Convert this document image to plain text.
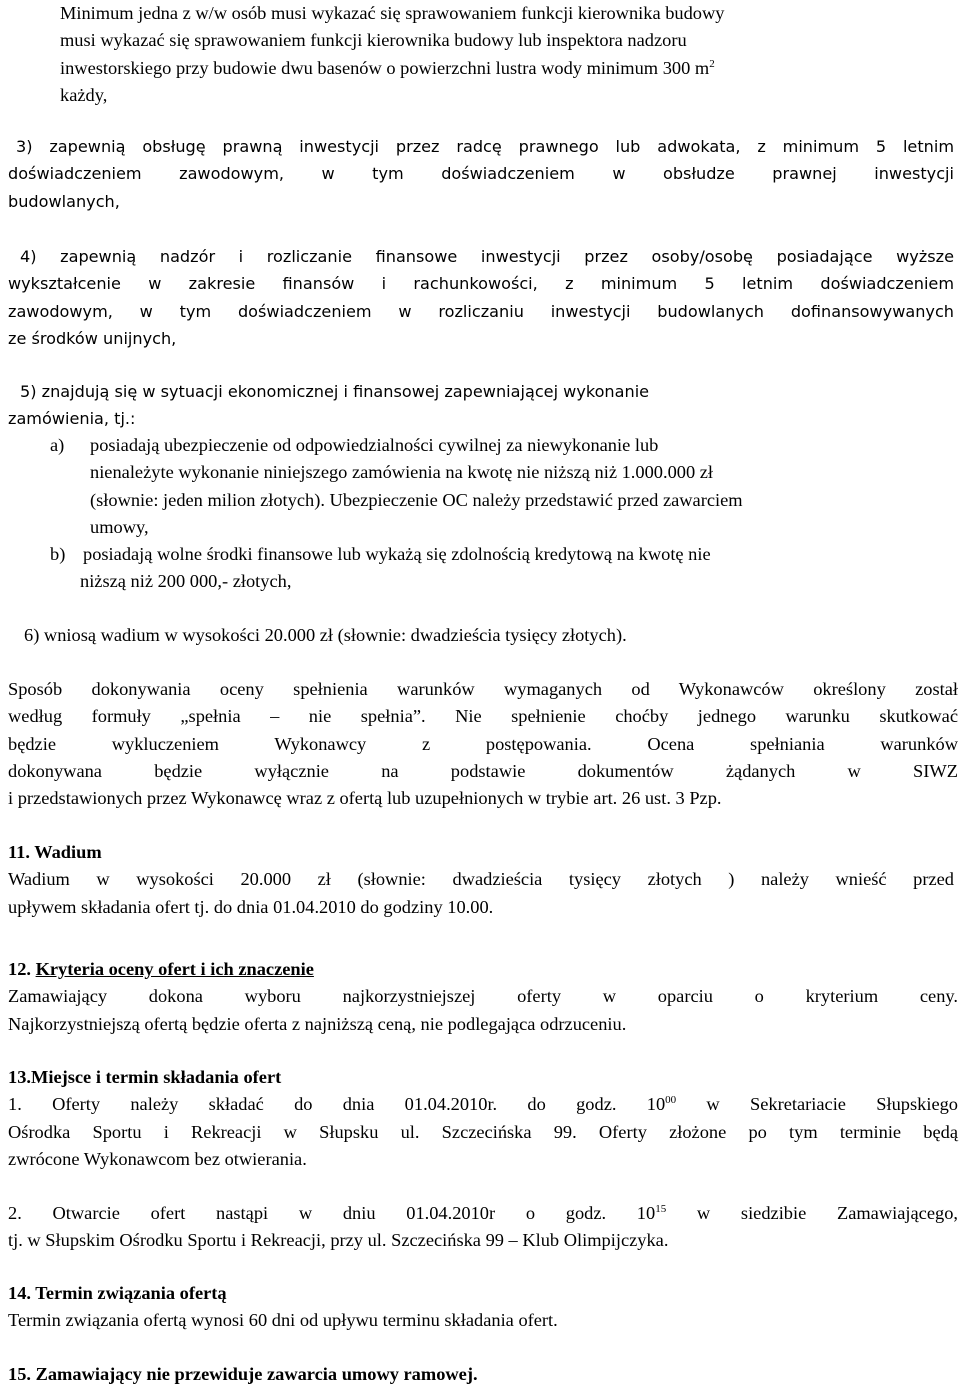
Minimum jedna z w/w osób musi wykazać się sprawowaniem funkcji kierownika budowy
musi wykazać się sprawowaniem funkcji kierownika budowy lub inspektora nadzoru
inwestorskiego przy budowie dwu basenów o powierzchni lustra wody minimum 300 $m^2$
każdy,
3) zapewnią obsługę prawną inwestycji przez radcę prawnego lub adwokata, z minimum 5 letnim
doświadczeniem zawodowym, w tym doświadczeniem w obsłudze prawnej inwestycji
budowlanych,
4) zapewnią nadzór i rozliczanie finansowe inwestycji przez osoby/osobę posiadające wyższe
wykształcenie w zakresie finansów i rachunkowości, z minimum 5 letnim doświadczeniem
zawodowym, w tym doświadczeniem w rozliczaniu inwestycji budowlanych dofinansowywanych
ze środków unijnych,
5) znajdują się w sytuacji ekonomicznej i finansowej zapewniającej wykonanie
zamówienia, tj.:
a) posiadają ubezpieczenie od odpowiedzialności cywilnej za niewykonanie lub
nienależyte wykonanie niniejszego zamówienia na kwotę nie niższą niż 1.000.000 zł
(słownie: jeden milion złotych). Ubezpieczenie OC należy przedstawić przed zawarciem
umowy,
b) posiadają wolne środki finansowe lub wykażą się zdolnością kredytową na kwotę nie
niższą niż 200 000,- złotych,
6) wniosą wadium w wysokości 20.000 zł (słownie: dwadzieścia tysięcy złotych).
Sposób dokonywania oceny spełnienia warunków wymaganych od Wykonawców określony został
według formuły „spełnia – nie spełnia”. Nie spełnienie choćby jednego warunku skutkować
będzie wykluczeniem Wykonawcy z postępowania. Ocena spełniania warunków
dokonywana będzie wyłącznie na podstawie dokumentów żądanych w SIWZ
i przedstawionych przez Wykonawcę wraz z ofertą lub uzupełnionych w trybie art. 26 ust. 3 Pzp.
11. Wadium
Wadium w wysokości 20.000 zł (słownie: dwadzieścia tysięcy złotych ) należy wnieść przed
upływem składania ofert tj. do dnia 01.04.2010 do godziny 10.00.
12. Kryteria oceny ofert i ich znaczenie
Zamawiający dokona wyboru najkorzystniejszej oferty w oparciu o kryterium ceny.
Najkorzystniejszą ofertą będzie oferta z najniższą ceną, nie podlegająca odrzuceniu.
13.Miejsce i termin składania ofert
1. Oferty należy składać do dnia 01.04.2010r. do godz. $10^{00}$ w Sekretariacie Słupskiego
Ośrodka Sportu i Rekreacji w Słupsku ul. Szczecińska 99. Oferty złożone po tym terminie będą
zwrócone Wykonawcom bez otwierania.
2. Otwarcie ofert nastąpi w dniu 01.04.2010r o godz. $10^{15}$ w siedzibie Zamawiającego,
tj. w Słupskim Ośrodku Sportu i Rekreacji, przy ul. Szczecińska 99 – Klub Olimpijczyka.
14. Termin związania ofertą
Termin związania ofertą wynosi 60 dni od upływu terminu składania ofert.
15. Zamawiający nie przewiduje zawarcia umowy ramowej.
